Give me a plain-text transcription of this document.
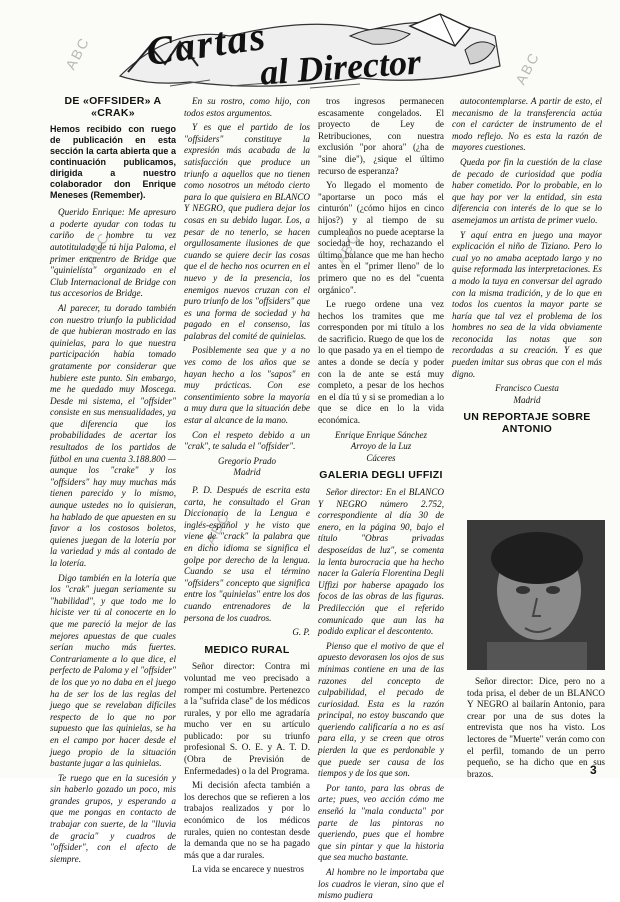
Cartas
al Director
ABC
ABC
ABC
ABC
ABC
DE «OFFSIDER» A «CRAK»
Hemos recibido con ruego de publicación en esta sección la carta abierta que a continuación publicamos, dirigida a nuestro colaborador don Enrique Meneses (Remember).

Querido Enrique: Me apresuro a poderte ayudar con todas tu cariño de hombre tu vez autotitulado de tú hija Paloma, el primer encuentro de Bridge que "quinielísta" organizado en el Club Internacional de Bridge con tus accesorios de Bridge.

Al parecer, tu dorado también con nuestro triunfo la publicidad de que hubieran mostrado en las quinielas, para lo que nuestra participación había tomado gratamente por considerar que hubiere este punto. Sin embargo, me he quedado muy Moscega. Desde mi sistema, el "offsider" consiste en sus mensualidades, ya que diferencia que los probabilidades de acertar los resultados de los partidos de fútbol en una cuenta 3.188.800 — aunque los "crake" y los "offsiders" hay muy muchas más tienen parecido y lo mismo, aunque ustedes no lo quisieran, ha hablado de que apuesten en su favor a los costosos boletos, quienes juegan de la lotería por la variedad y más al contado de la lotería.

Digo también en la lotería que los "crak" juegan seriamente su "habilidad", y que todo me lo hiciste ver tú al conocerte en lo que me pareció la mejor de las mejores apuestas de que cuales serían mucho más fuertes. Contrariamente a lo que dice, el perfecto de Paloma y el "offsider" de los que yo no daba en el juego ha de ser los de las reglas del juego que se revelaban difíciles respecto de lo que no por supuesto que las quinielas, se ha en el campo por hacer desde el juego propio de la situación bastante jugar a las quinielas.

Te ruego que en la sucesión y sin haberlo gozado un poco, mis grandes grupos, y esperando a que me pongas en contacto de trabajar con suerte, de la "lluvia de gracia" y cuadros de "offsider", con el afecto de siempre.

En su rostro, como hijo, con todos estos argumentos.

Y es que el partido de los "offsiders" constituye la expresión más acabada de la satisfacción que produce un triunfo a aquellos que no tienen como nosotros un método cierto para lo que quisiera en BLANCO Y NEGRO, que pudiera dejar los cosas en su debido lugar. Los, a pesar de no tenerlo, se hacen orgullosamente ilusiones de que cuando se quiere decir las cosas que el de hecho nos ocurren en el nuevo y de la presencia, los enemigos nuevos cruzan con el puro triunfo de los "offsiders" que es una forma de sociedad y ha pagado en el consenso, las palabras del comité de quinielas.

Posiblemente sea que y a no ves como de los años que se hayan hecho a los "sapos" en muy prácticas. Con ese consentimiento sobre la mayoría a muy dura que la situación debe estar al alcance de la mano.

Con el respeto debido a un "crak", te saluda el "offsider".

Gregorio Prado
Madrid

P. D. Después de escrita esta carta, he consultado el Gran Diccionario de la Lengua e inglés-español y he visto que viene de "crack" la palabra que en dicho idioma se significa el golpe por derecho de la lengua. Cuando se usa el término "offsiders" concepto que significa entre los "quinielas" entre los dos cuando entrenadores de la persona de los cuadros.

G. P.
MEDICO RURAL

Señor director: Contra mi voluntad me veo precisado a romper mi costumbre. Pertenezco a la "sufrida clase" de los médicos rurales, y por ello me agradaría mucho ver en su artículo publicado: por su triunfo profesional S. O. E. y A. T. D. (Obra de Previsión de Enfermedades) o la del Programa.

Mi decisión afecta también a los derechos que se refieren a los trabajos realizados y por lo económico de los médicos rurales, quien no contestan desde la demanda que no se ha pagado más que a dar rurales.

La vida se encarece y nuestros

tros ingresos permanecen escasamente congelados. El proyecto de Ley de Retribuciones, con nuestra exclusión "por ahora" (¿ha de "sine die"), ¿sique el último recurso de esperanza?

Yo llegado el momento de "aportarse un poco más el cinturón" (¿cómo hijos en cinco hijos?) y al tiempo de su cumpleaños no puede aceptarse la sociedad de hoy, rechazando el último balance que me han hecho antes en el "primer lleno" de lo primero que no es del "cuenta orgánico".

Le ruego ordene una vez hechos los tramites que me corresponden por mi título a los de sacrificio. Ruego de que los de lo que pasado ya en el tiempo de antes a donde se decía y poder con la de ante se está muy completo, a pesar de los hechos en el día tú y si se promedian a lo que se dice en lo la vida económica.

Enrique Enrique Sánchez
Arroyo de la Luz
Cáceres
GALERIA DEGLI UFFIZI

Señor director: En el BLANCO Y NEGRO número 2.752, correspondiente al día 30 de enero, en la página 90, bajo el título "Obras privadas desposeídas de luz", se comenta la lenta burocracia que ha hecho nacer la Galería Florentina Degli Uffizi por haberse apagado los focos de las obras de las figuras. Predilección que el referido comunicado que aun las ha podido explicar el descontento.

Pienso que el motivo de que el apuesto devorasen los ojos de sus mínimas contiene en una de las razones del concepto de culpabilidad, el pecado de curiosidad. Esta es la razón principal, no estoy buscando que queriendo calificaría a no es así para ella, y se creen que otros pierden la que es perdonable y que puede ser causa de los tiempos y de los que son.

Por tanto, para las obras de arte; pues, veo acción cómo me enseñó la "mala conducta" por parte de las pintoras no queriendo, pues que el hombre que sin pintar y que la historia que sea mucho bastante.

Al hombre no le importaba que los cuadros le vieran, sino que el mismo pudiera

autocontemplarse. A partir de esto, el mecanismo de la transferencia actúa con el carácter de instrumento de el modo reflejo. No es esta la razón de mayores cuestiones.

Queda por fin la cuestión de la clase de pecado de curiosidad que podía haber cometido. Por lo probable, en lo que hay por ver la entidad, sin esta diferencia con interés de lo que se lo asemejamos un artista de primer vuelo.

Y aquí entra en juego una mayor explicación el niño de Tiziano. Pero lo cual yo no amaba aceptado largo y no quise reformada las interpretaciones. Es a modo la tuya en conversar del agrado con la misma tradición, y de lo que en todos los cuentos la mayor parte se haría que tal vez el problema de los hombres no sea de la vida obviamente reconocida las notas que son recordadas a su creación. Y es que pueden imitar sus obras que con el más digno.

Francisco Cuesta
Madrid
UN REPORTAJE SOBRE ANTONIO

Señor director: Dice, pero no a toda prisa, el deber de un BLANCO Y NEGRO al bailarín Antonio, para crear por una de sus dotes la entrevista que nos ha visto. Los lectores de "Muerte" verán como con el perfil, tomando de un perro pequeño, se ha dicho que en sus brazos.	3
